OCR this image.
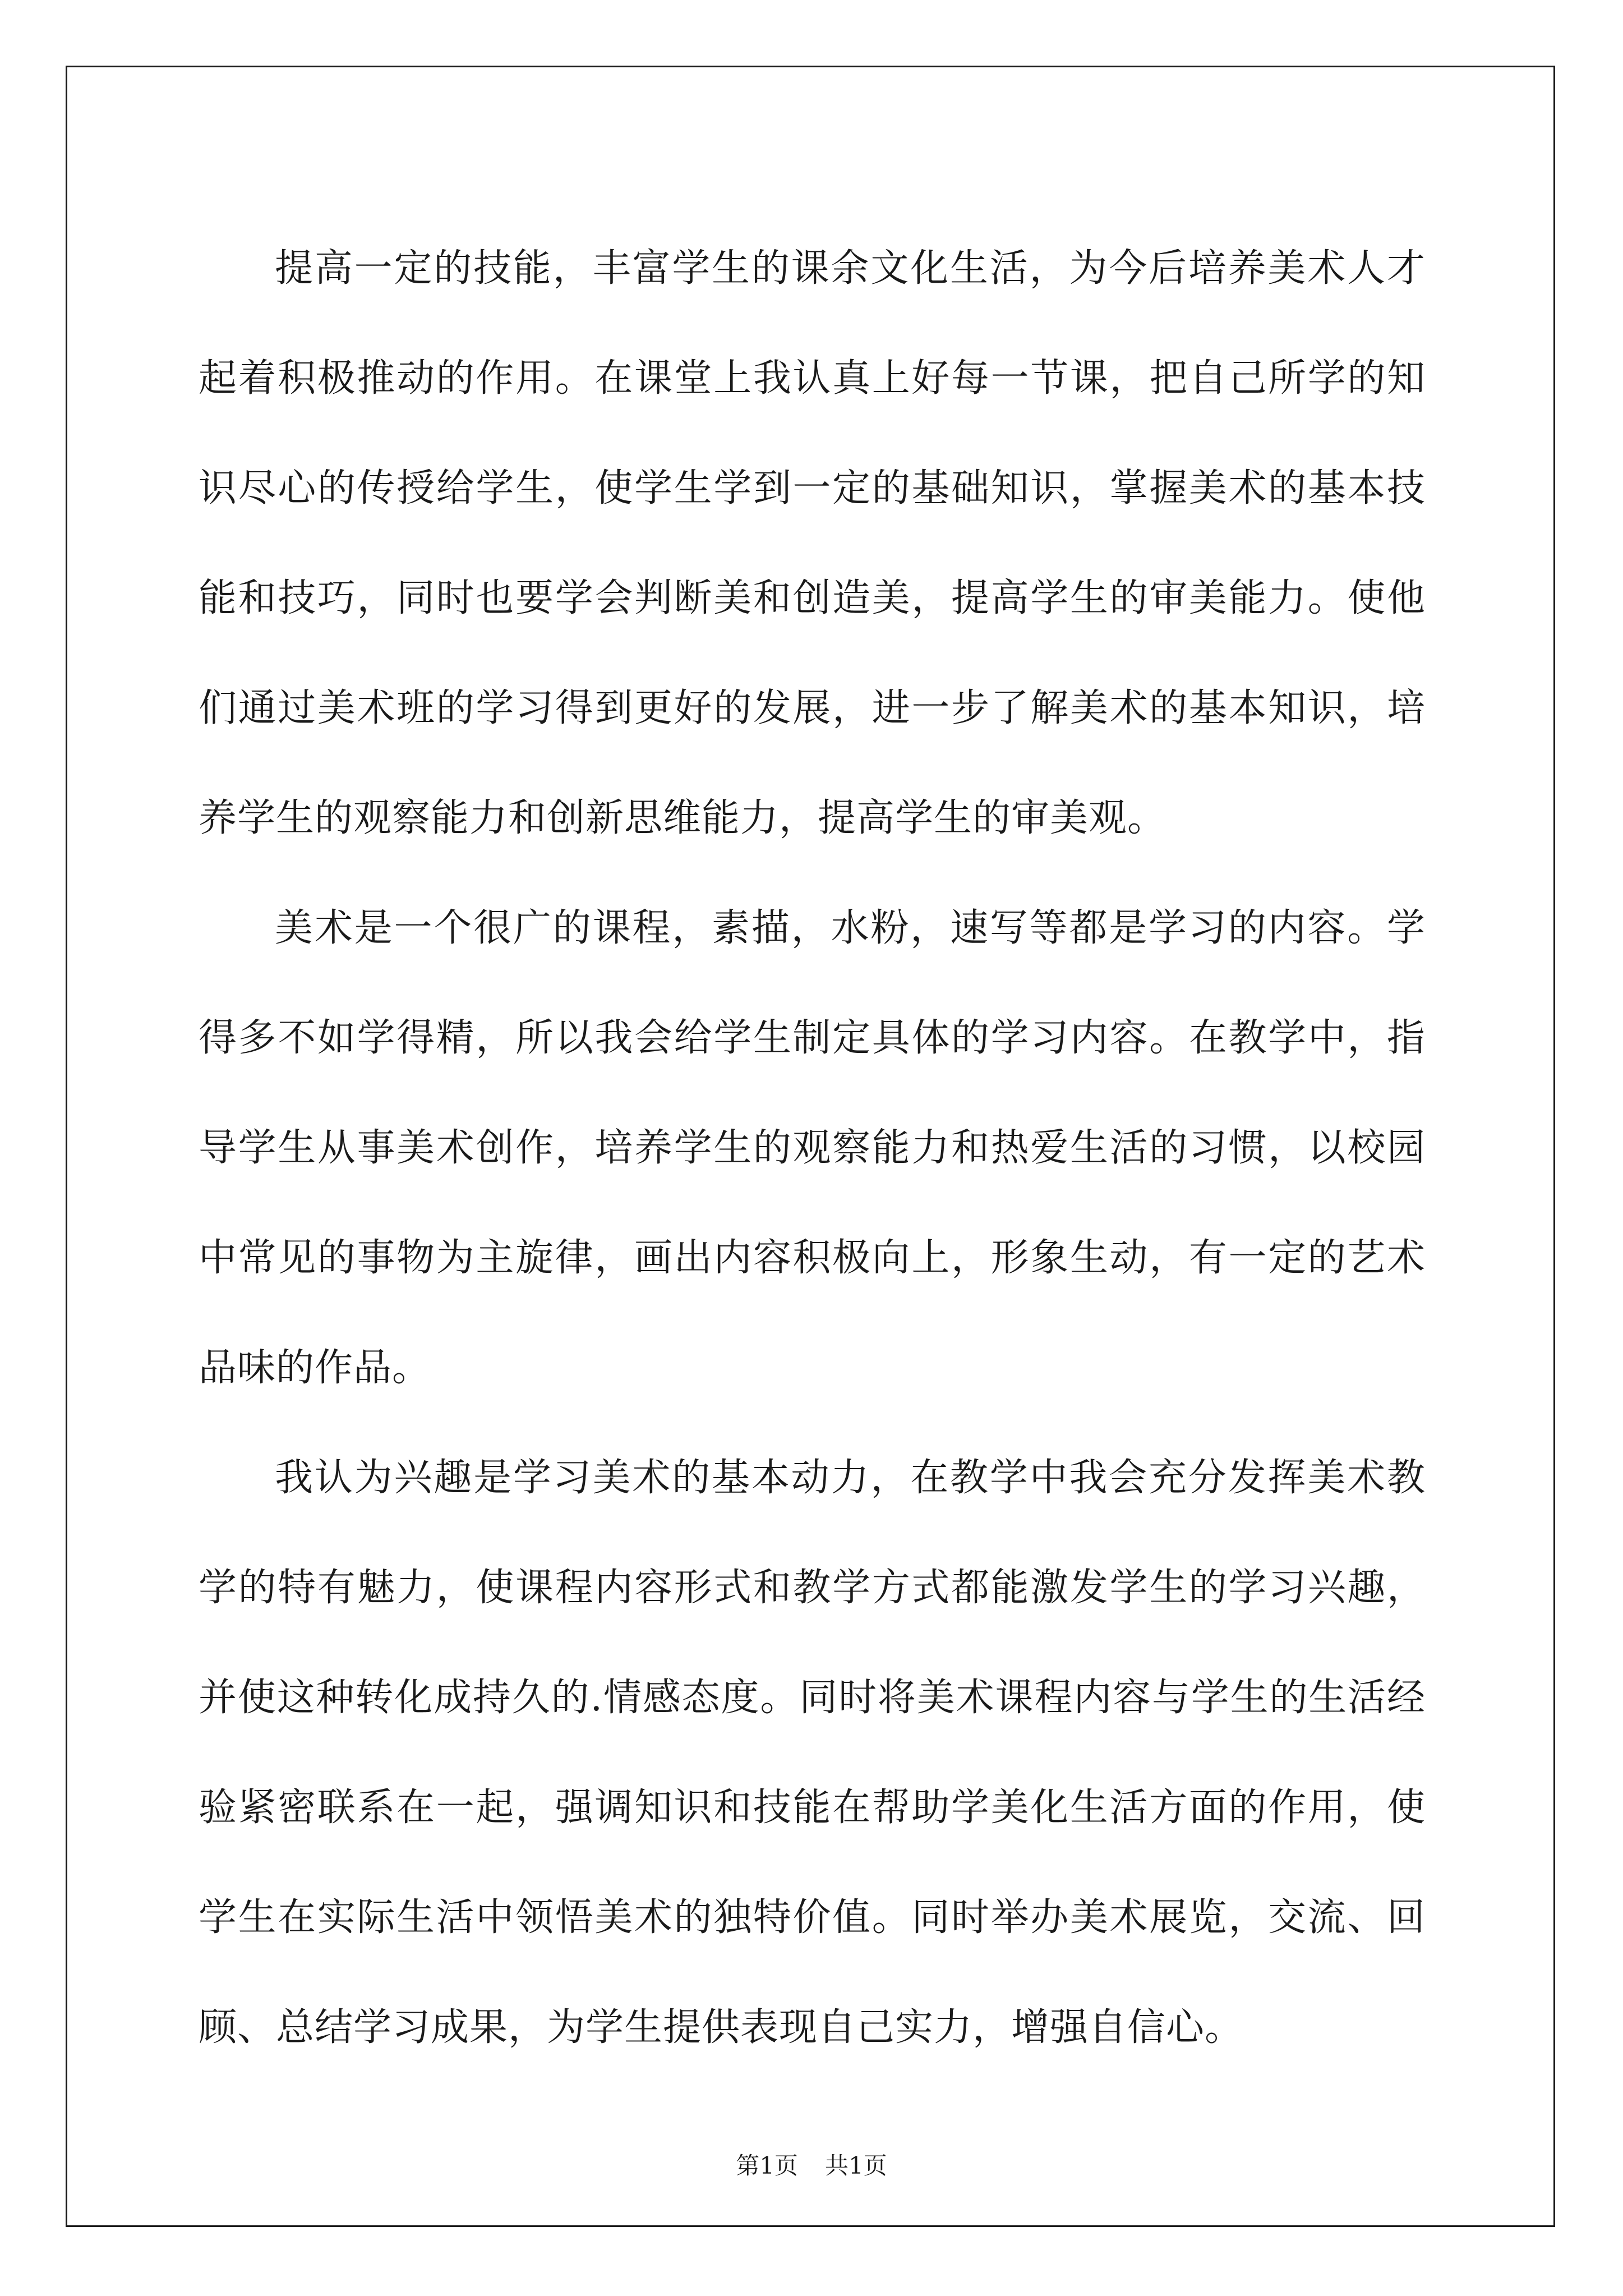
提高一定的技能，丰富学生的课余文化生活，为今后培养美术人才起着积极推动的作用。在课堂上我认真上好每一节课，把自己所学的知识尽心的传授给学生，使学生学到一定的基础知识，掌握美术的基本技能和技巧，同时也要学会判断美和创造美，提高学生的审美能力。使他们通过美术班的学习得到更好的发展，进一步了解美术的基本知识，培养学生的观察能力和创新思维能力，提高学生的审美观。

美术是一个很广的课程，素描，水粉，速写等都是学习的内容。学得多不如学得精，所以我会给学生制定具体的学习内容。在教学中，指导学生从事美术创作，培养学生的观察能力和热爱生活的习惯，以校园中常见的事物为主旋律，画出内容积极向上，形象生动，有一定的艺术品味的作品。

我认为兴趣是学习美术的基本动力，在教学中我会充分发挥美术教学的特有魅力，使课程内容形式和教学方式都能激发学生的学习兴趣，并使这种转化成持久的.情感态度。同时将美术课程内容与学生的生活经验紧密联系在一起，强调知识和技能在帮助学美化生活方面的作用，使学生在实际生活中领悟美术的独特价值。同时举办美术展览，交流、回顾、总结学习成果，为学生提供表现自己实力，增强自信心。

第1页 共1页
